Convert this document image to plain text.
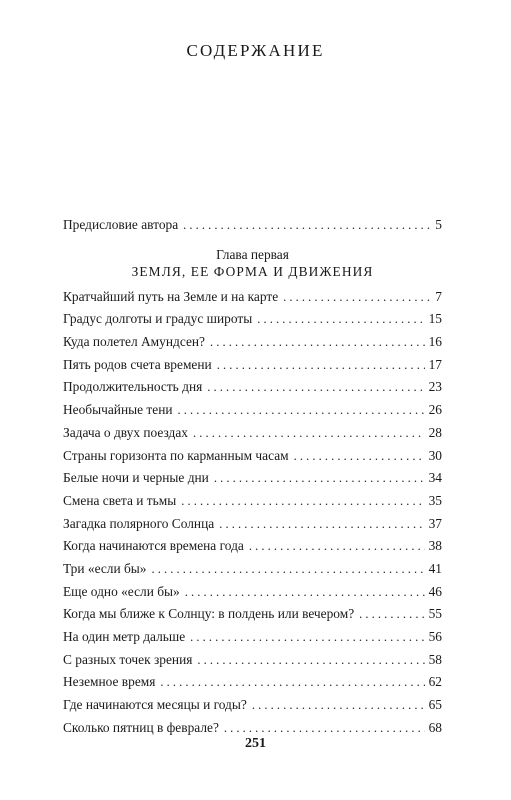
СОДЕРЖАНИЕ
Предисловие автора . . .	5
Глава первая
ЗЕМЛЯ, ЕЕ ФОРМА И ДВИЖЕНИЯ
Кратчайший путь на Земле и на карте . . .	7
Градус долготы и градус широты . . .	15
Куда полетел Амундсен? . . .	16
Пять родов счета времени . . .	17
Продолжительность дня . . .	23
Необычайные тени . . .	26
Задача о двух поездах . . .	28
Страны горизонта по карманным часам . . .	30
Белые ночи и черные дни . . .	34
Смена света и тьмы . . .	35
Загадка полярного Солнца . . .	37
Когда начинаются времена года . . .	38
Три «если бы» . . .	41
Еще одно «если бы» . . .	46
Когда мы ближе к Солнцу: в полдень или вечером? . . .	55
На один метр дальше . . .	56
С разных точек зрения . . .	58
Неземное время . . .	62
Где начинаются месяцы и годы? . . .	65
Сколько пятниц в феврале? . . .	68
251
